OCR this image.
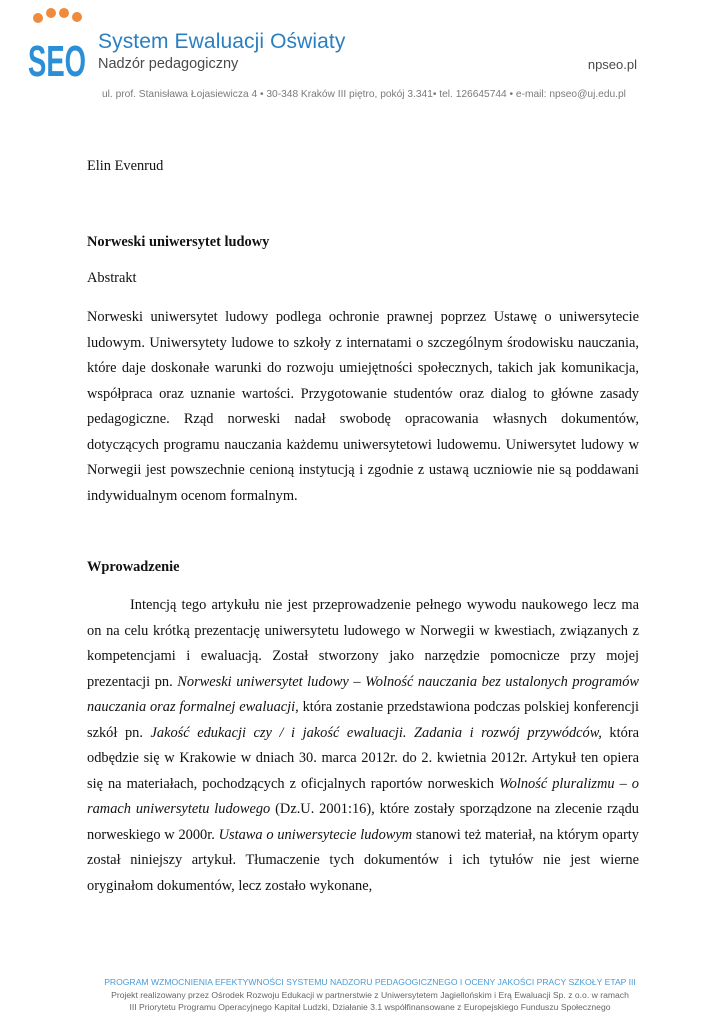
SEO System Ewaluacji Oświaty
Nadzór pedagogiczny	npseo.pl
ul. prof. Stanisława Łojasiewicza 4 • 30-348 Kraków III piętro, pokój 3.341• tel. 126645744 • e-mail: npseo@uj.edu.pl
Elin Evenrud
Norweski uniwersytet ludowy
Abstrakt

Norweski uniwersytet ludowy podlega ochronie prawnej poprzez Ustawę o uniwersytecie ludowym. Uniwersytety ludowe to szkoły z internatami o szczególnym środowisku nauczania, które daje doskonałe warunki do rozwoju umiejętności społecznych, takich jak komunikacja, współpraca oraz uznanie wartości. Przygotowanie studentów oraz dialog to główne zasady pedagogiczne. Rząd norweski nadał swobodę opracowania własnych dokumentów, dotyczących programu nauczania każdemu uniwersytetowi ludowemu. Uniwersytet ludowy w Norwegii jest powszechnie cenioną instytucją i zgodnie z ustawą uczniowie nie są poddawani indywidualnym ocenom formalnym.

Wprowadzenie

Intencją tego artykułu nie jest przeprowadzenie pełnego wywodu naukowego lecz ma on na celu krótką prezentację uniwersytetu ludowego w Norwegii w kwestiach, związanych z kompetencjami i ewaluacją. Został stworzony jako narzędzie pomocnicze przy mojej prezentacji pn. Norweski uniwersytet ludowy – Wolność nauczania bez ustalonych programów nauczania oraz formalnej ewaluacji, która zostanie przedstawiona podczas polskiej konferencji szkół pn. Jakość edukacji czy / i jakość ewaluacji. Zadania i rozwój przywódców, która odbędzie się w Krakowie w dniach 30. marca 2012r. do 2. kwietnia 2012r. Artykuł ten opiera się na materiałach, pochodzących z oficjalnych raportów norweskich Wolność pluralizmu – o ramach uniwersytetu ludowego (Dz.U. 2001:16), które zostały sporządzone na zlecenie rządu norweskiego w 2000r. Ustawa o uniwersytecie ludowym stanowi też materiał, na którym oparty został niniejszy artykuł. Tłumaczenie tych dokumentów i ich tytułów nie jest wierne oryginałom dokumentów, lecz zostało wykonane,

PROGRAM WZMOCNIENIA EFEKTYWNOŚCI SYSTEMU NADZORU PEDAGOGICZNEGO I OCENY JAKOŚCI PRACY SZKOŁY ETAP III
Projekt realizowany przez Ośrodek Rozwoju Edukacji w partnerstwie z Uniwersytetem Jagiellońskim i Erą Ewaluacji Sp. z o.o. w ramach
III Priorytetu Programu Operacyjnego Kapitał Ludzki, Działanie 3.1 współfinansowane z Europejskiego Funduszu Społecznego
